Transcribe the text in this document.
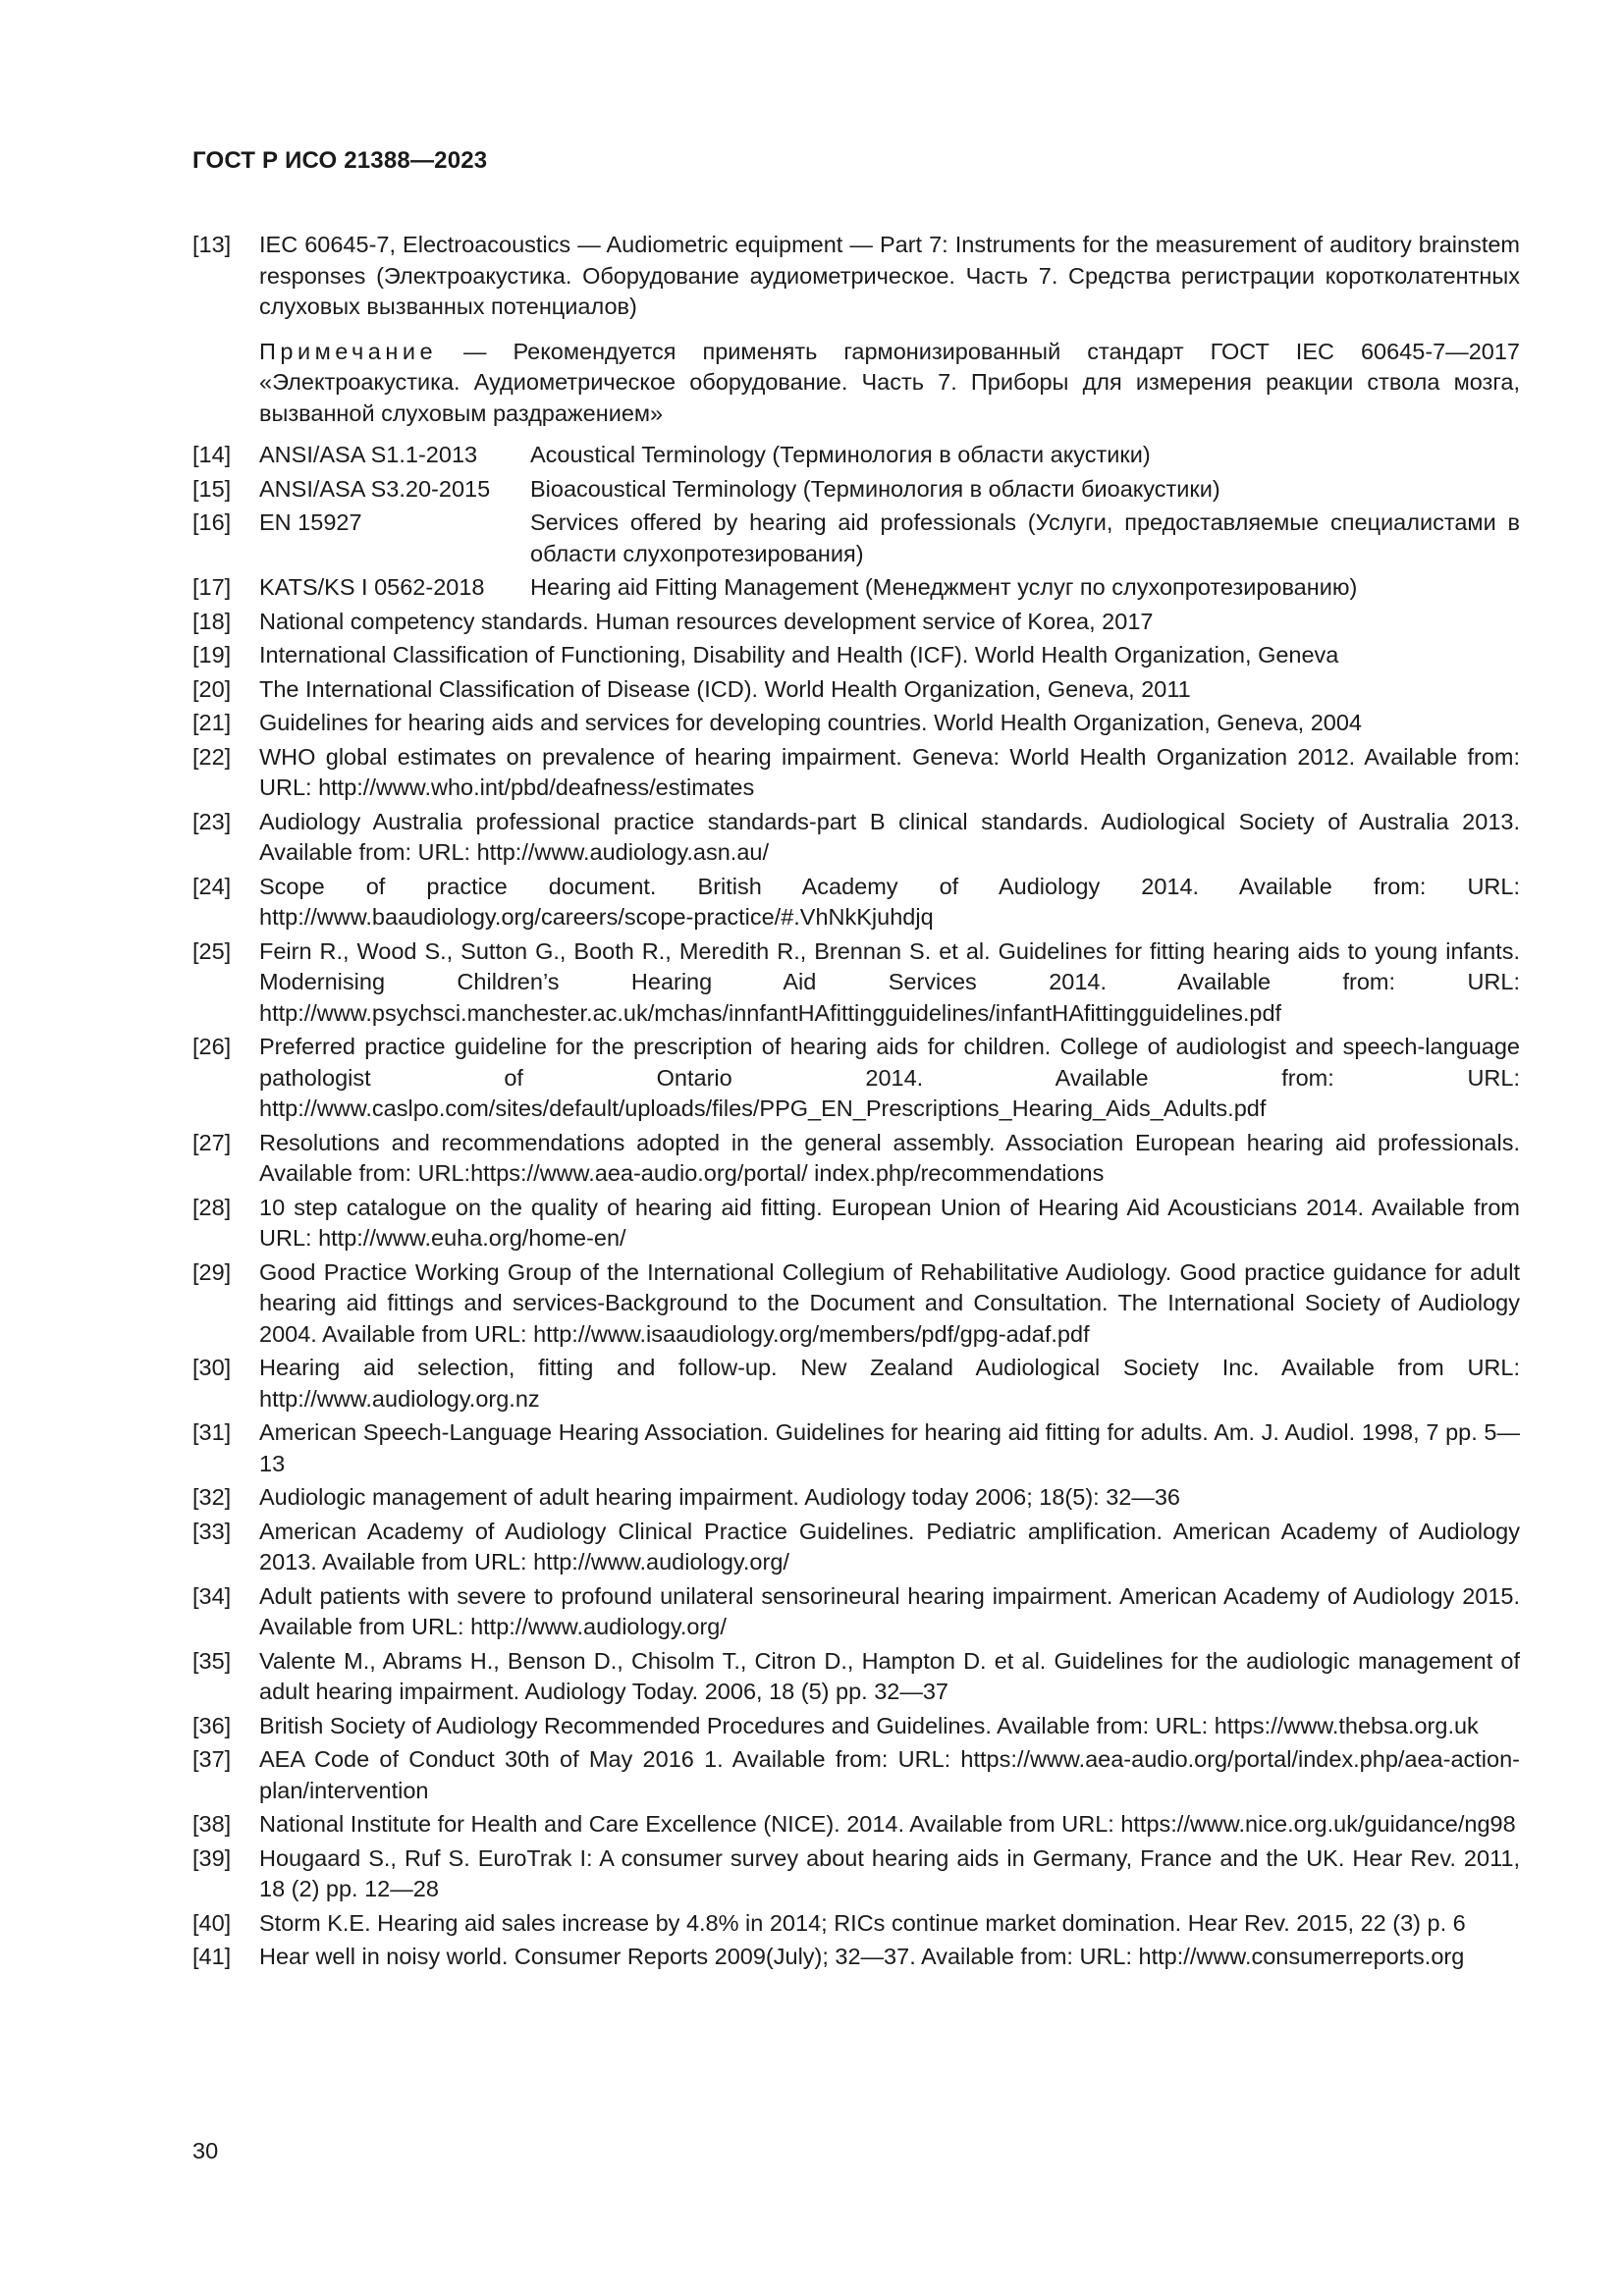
ГОСТ Р ИСО 21388—2023
[13]	IEC 60645-7, Electroacoustics — Audiometric equipment — Part 7: Instruments for the measurement of auditory brainstem responses (Электроакустика. Оборудование аудиометрическое. Часть 7. Средства регистрации коротколатентных слуховых вызванных потенциалов)
Примечание — Рекомендуется применять гармонизированный стандарт ГОСТ IEC 60645-7—2017 «Электроакустика. Аудиометрическое оборудование. Часть 7. Приборы для измерения реакции ствола мозга, вызванной слуховым раздражением»
[14]	ANSI/ASA S1.1-2013	Acoustical Terminology (Терминология в области акустики)
[15]	ANSI/ASA S3.20-2015	Bioacoustical Terminology (Терминология в области биоакустики)
[16]	EN 15927	Services offered by hearing aid professionals (Услуги, предоставляемые специалистами в области слухопротезирования)
[17]	KATS/KS I 0562-2018	Hearing aid Fitting Management (Менеджмент услуг по слухопротезированию)
[18]	National competency standards. Human resources development service of Korea, 2017
[19]	International Classification of Functioning, Disability and Health (ICF). World Health Organization, Geneva
[20]	The International Classification of Disease (ICD). World Health Organization, Geneva, 2011
[21]	Guidelines for hearing aids and services for developing countries. World Health Organization, Geneva, 2004
[22]	WHO global estimates on prevalence of hearing impairment. Geneva: World Health Organization 2012. Available from: URL: http://www.who.int/pbd/deafness/estimates
[23]	Audiology Australia professional practice standards-part B clinical standards. Audiological Society of Australia 2013. Available from: URL: http://www.audiology.asn.au/
[24]	Scope of practice document. British Academy of Audiology 2014. Available from: URL: http://www.baaudiology.org/careers/scope-practice/#.VhNkKjuhdjq
[25]	Feirn R., Wood S., Sutton G., Booth R., Meredith R., Brennan S. et al. Guidelines for fitting hearing aids to young infants. Modernising Children’s Hearing Aid Services 2014. Available from: URL: http://www.psychsci.manchester.ac.uk/mchas/innfantHAfittingguidelines/infantHAfittingguidelines.pdf
[26]	Preferred practice guideline for the prescription of hearing aids for children. College of audiologist and speech-language pathologist of Ontario 2014. Available from: URL: http://www.caslpo.com/sites/default/uploads/files/PPG_EN_Prescriptions_Hearing_Aids_Adults.pdf
[27]	Resolutions and recommendations adopted in the general assembly. Association European hearing aid professionals. Available from: URL:https://www.aea-audio.org/portal/ index.php/recommendations
[28]	10 step catalogue on the quality of hearing aid fitting. European Union of Hearing Aid Acousticians 2014. Available from URL: http://www.euha.org/home-en/
[29]	Good Practice Working Group of the International Collegium of Rehabilitative Audiology. Good practice guidance for adult hearing aid fittings and services-Background to the Document and Consultation. The International Society of Audiology 2004. Available from URL: http://www.isaaudiology.org/members/pdf/gpg-adaf.pdf
[30]	Hearing aid selection, fitting and follow-up. New Zealand Audiological Society Inc. Available from URL: http://www.audiology.org.nz
[31]	American Speech-Language Hearing Association. Guidelines for hearing aid fitting for adults. Am. J. Audiol. 1998, 7 pp. 5—13
[32]	Audiologic management of adult hearing impairment. Audiology today 2006; 18(5): 32—36
[33]	American Academy of Audiology Clinical Practice Guidelines. Pediatric amplification. American Academy of Audiology 2013. Available from URL: http://www.audiology.org/
[34]	Adult patients with severe to profound unilateral sensorineural hearing impairment. American Academy of Audiology 2015. Available from URL: http://www.audiology.org/
[35]	Valente M., Abrams H., Benson D., Chisolm T., Citron D., Hampton D. et al. Guidelines for the audiologic management of adult hearing impairment. Audiology Today. 2006, 18 (5) pp. 32—37
[36]	British Society of Audiology Recommended Procedures and Guidelines. Available from: URL: https://www.thebsa.org.uk
[37]	AEA Code of Conduct 30th of May 2016 1. Available from: URL: https://www.aea-audio.org/portal/index.php/aea-action-plan/intervention
[38]	National Institute for Health and Care Excellence (NICE). 2014. Available from URL: https://www.nice.org.uk/guidance/ng98
[39]	Hougaard S., Ruf S. EuroTrak I: A consumer survey about hearing aids in Germany, France and the UK. Hear Rev. 2011, 18 (2) pp. 12—28
[40]	Storm K.E. Hearing aid sales increase by 4.8% in 2014; RICs continue market domination. Hear Rev. 2015, 22 (3) p. 6
[41]	Hear well in noisy world. Consumer Reports 2009(July); 32—37. Available from: URL: http://www.consumerreports.org
30
